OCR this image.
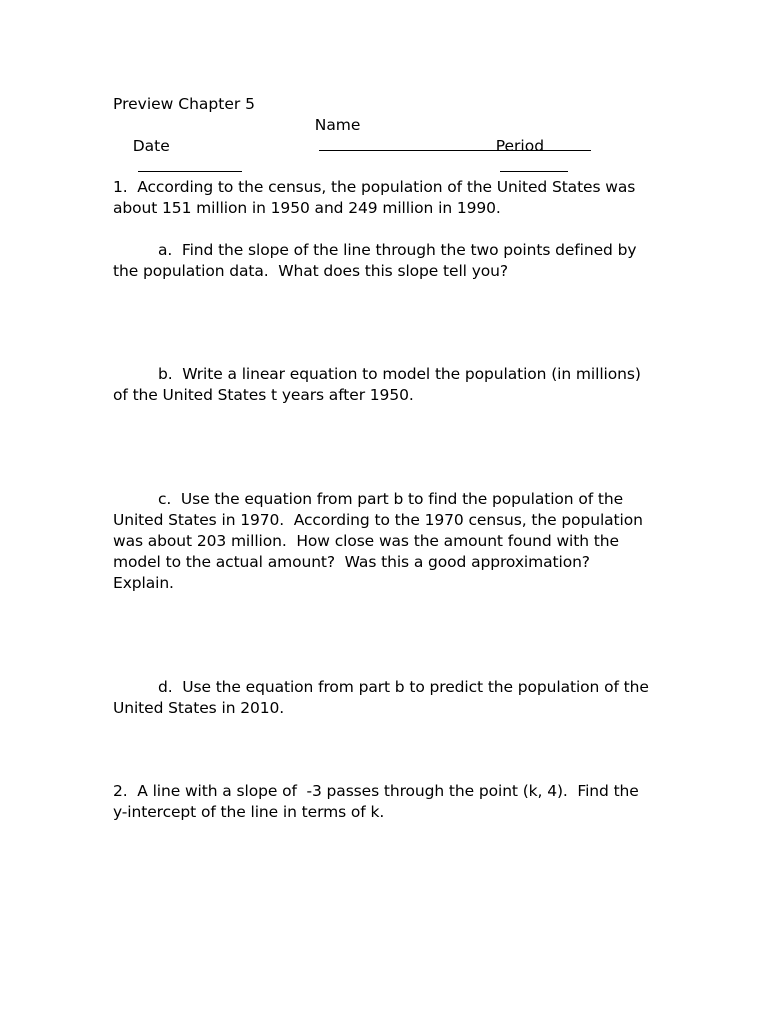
Preview Chapter 5

Name

Date

	Period

1.  According to the census, the population of the United States was
about 151 million in 1950 and 249 million in 1990.
a.  Find the slope of the line through the two points defined by
the population data.  What does this slope tell you?
b.  Write a linear equation to model the population (in millions)
of the United States t years after 1950.
c.  Use the equation from part b to find the population of the
United States in 1970.  According to the 1970 census, the population
was about 203 million.  How close was the amount found with the
model to the actual amount?  Was this a good approximation?
Explain.
d.  Use the equation from part b to predict the population of the
United States in 2010.
2.  A line with a slope of  -3 passes through the point (k, 4).  Find the
y-intercept of the line in terms of k.
